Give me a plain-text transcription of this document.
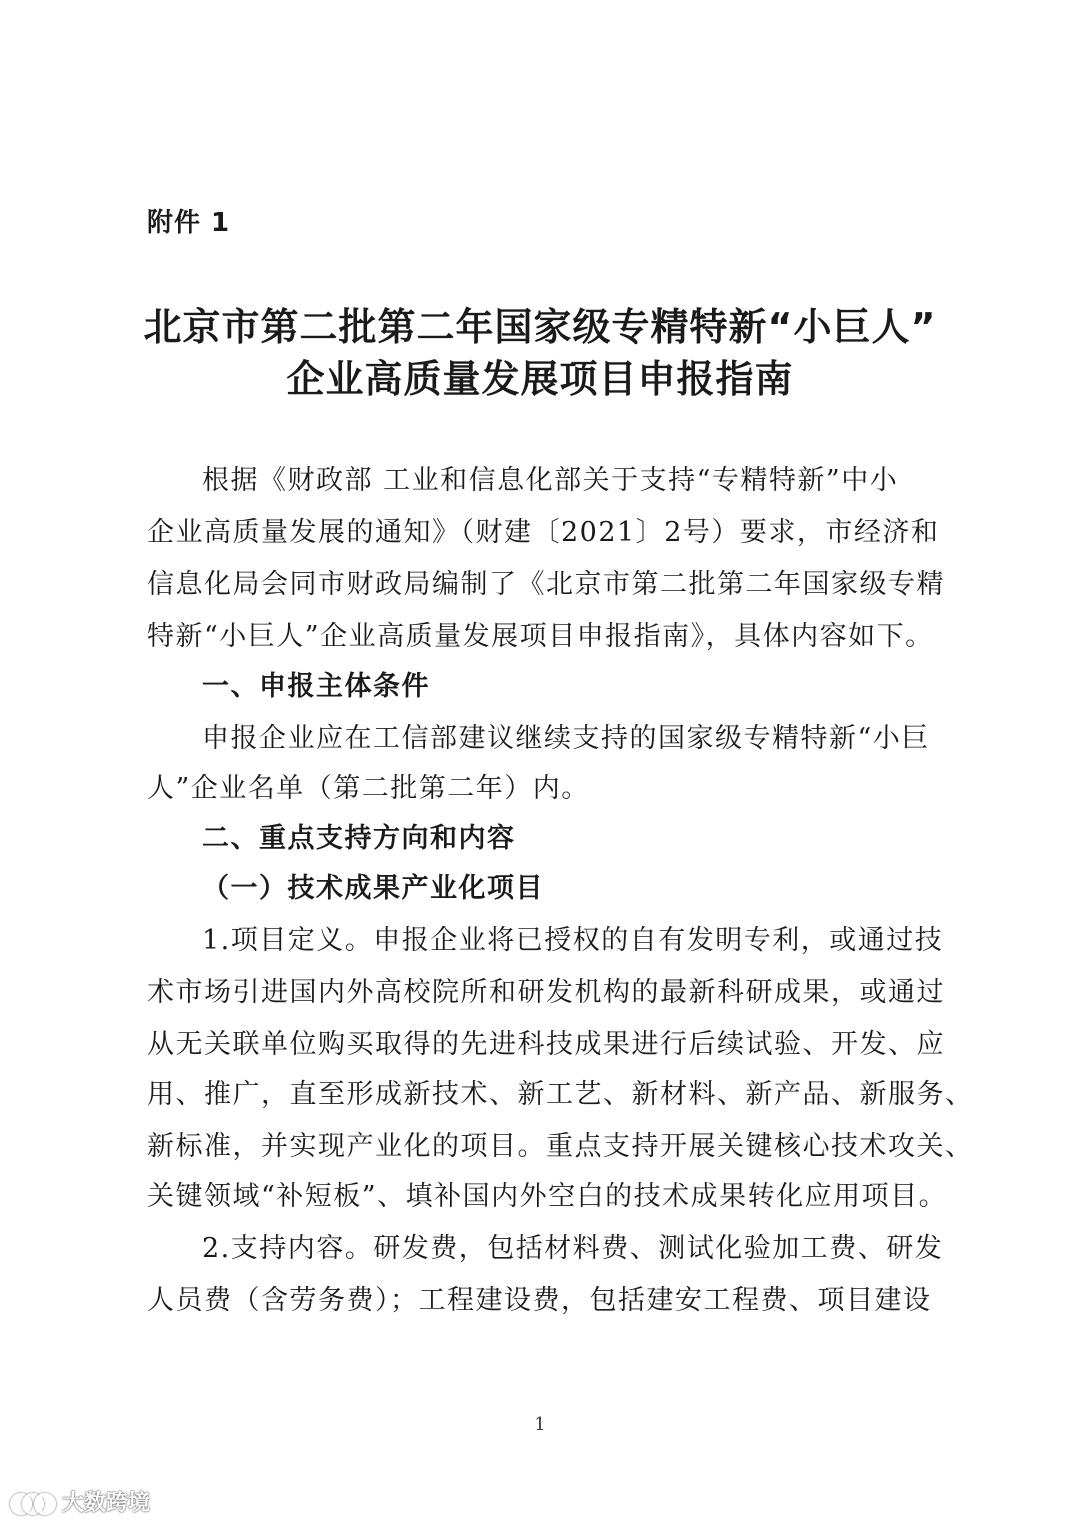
附件 1
北京市第二批第二年国家级专精特新“小巨人”
企业高质量发展项目申报指南
根据《财政部 工业和信息化部关于支持“专精特新”中小
企业高质量发展的通知》（财建〔2021〕2号）要求，市经济和
信息化局会同市财政局编制了《北京市第二批第二年国家级专精
特新“小巨人”企业高质量发展项目申报指南》，具体内容如下。
一、申报主体条件
申报企业应在工信部建议继续支持的国家级专精特新“小巨
人”企业名单（第二批第二年）内。
二、重点支持方向和内容
（一）技术成果产业化项目
1.项目定义。申报企业将已授权的自有发明专利，或通过技
术市场引进国内外高校院所和研发机构的最新科研成果，或通过
从无关联单位购买取得的先进科技成果进行后续试验、开发、应
用、推广，直至形成新技术、新工艺、新材料、新产品、新服务、
新标准，并实现产业化的项目。重点支持开展关键核心技术攻关、
关键领域“补短板”、填补国内外空白的技术成果转化应用项目。
2.支持内容。研发费，包括材料费、测试化验加工费、研发
人员费（含劳务费）；工程建设费，包括建安工程费、项目建设
1
大数跨境
